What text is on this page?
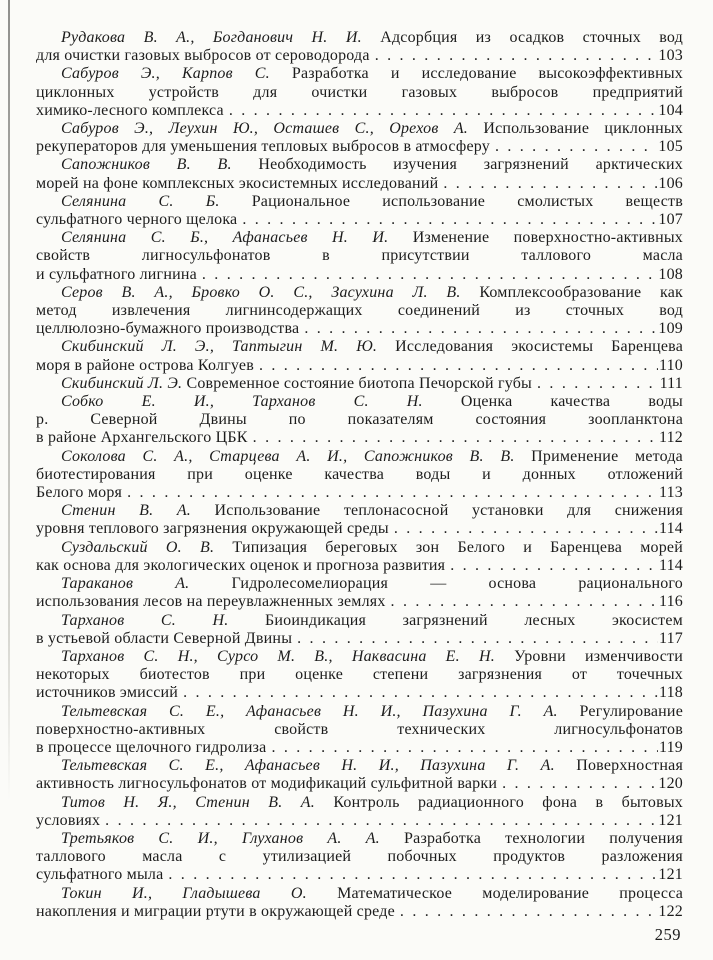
Рудакова В. А., Богданович Н. И. Адсорбция из осадков сточных вод
для очистки газовых выбросов от сероводорода . . .	103
Сабуров Э., Карпов С. Разработка и исследование высокоэффективных
циклонных устройств для очистки газовых выбросов предприятий
химико-лесного комплекса . . .	104
Сабуров Э., Леухин Ю., Осташев С., Орехов А. Использование циклонных
рекуператоров для уменьшения тепловых выбросов в атмосферу . . .	105
Сапожников В. В. Необходимость изучения загрязнений арктических
морей на фоне комплексных экосистемных исследований . . .	106
Селянина С. Б. Рациональное использование смолистых веществ
сульфатного черного щелока . . .	107
Селянина С. Б., Афанасьев Н. И. Изменение поверхностно-активных
свойств лигносульфонатов в присутствии таллового масла
и сульфатного лигнина . . .	108
Серов В. А., Бровко О. С., Засухина Л. В. Комплексообразование как
метод извлечения лигнинсодержащих соединений из сточных вод
целлюлозно-бумажного производства . . .	109
Скибинский Л. Э., Таптыгин М. Ю. Исследования экосистемы Баренцева
моря в районе острова Колгуев . . .	110
Скибинский Л. Э. Современное состояние биотопа Печорской губы . . .	111
Собко Е. И., Тарханов С. Н. Оценка качества воды
р. Северной Двины по показателям состояния зоопланктона
в районе Архангельского ЦБК . . .	112
Соколова С. А., Старцева А. И., Сапожников В. В. Применение метода
биотестирования при оценке качества воды и донных отложений
Белого моря . . .	113
Стенин В. А. Использование теплонасосной установки для снижения
уровня теплового загрязнения окружающей среды . . .	114
Суздальский О. В. Типизация береговых зон Белого и Баренцева морей
как основа для экологических оценок и прогноза развития . . .	114
Тараканов А. Гидролесомелиорация — основа рационального
использования лесов на переувлажненных землях . . .	116
Тарханов С. Н. Биоиндикация загрязнений лесных экосистем
в устьевой области Северной Двины . . .	117
Тарханов С. Н., Сурсо М. В., Наквасина Е. Н. Уровни изменчивости
некоторых биотестов при оценке степени загрязнения от точечных
источников эмиссий . . .	118
Тельтевская С. Е., Афанасьев Н. И., Пазухина Г. А. Регулирование
поверхностно-активных свойств технических лигносульфонатов
в процессе щелочного гидролиза . . .	119
Тельтевская С. Е., Афанасьев Н. И., Пазухина Г. А. Поверхностная
активность лигносульфонатов от модификаций сульфитной варки . . .	120
Титов Н. Я., Стенин В. А. Контроль радиационного фона в бытовых
условиях . . .	121
Третьяков С. И., Глуханов А. А. Разработка технологии получения
таллового масла с утилизацией побочных продуктов разложения
сульфатного мыла . . .	121
Токин И., Гладышева О. Математическое моделирование процесса
накопления и миграции ртути в окружающей среде . . .	122
259
